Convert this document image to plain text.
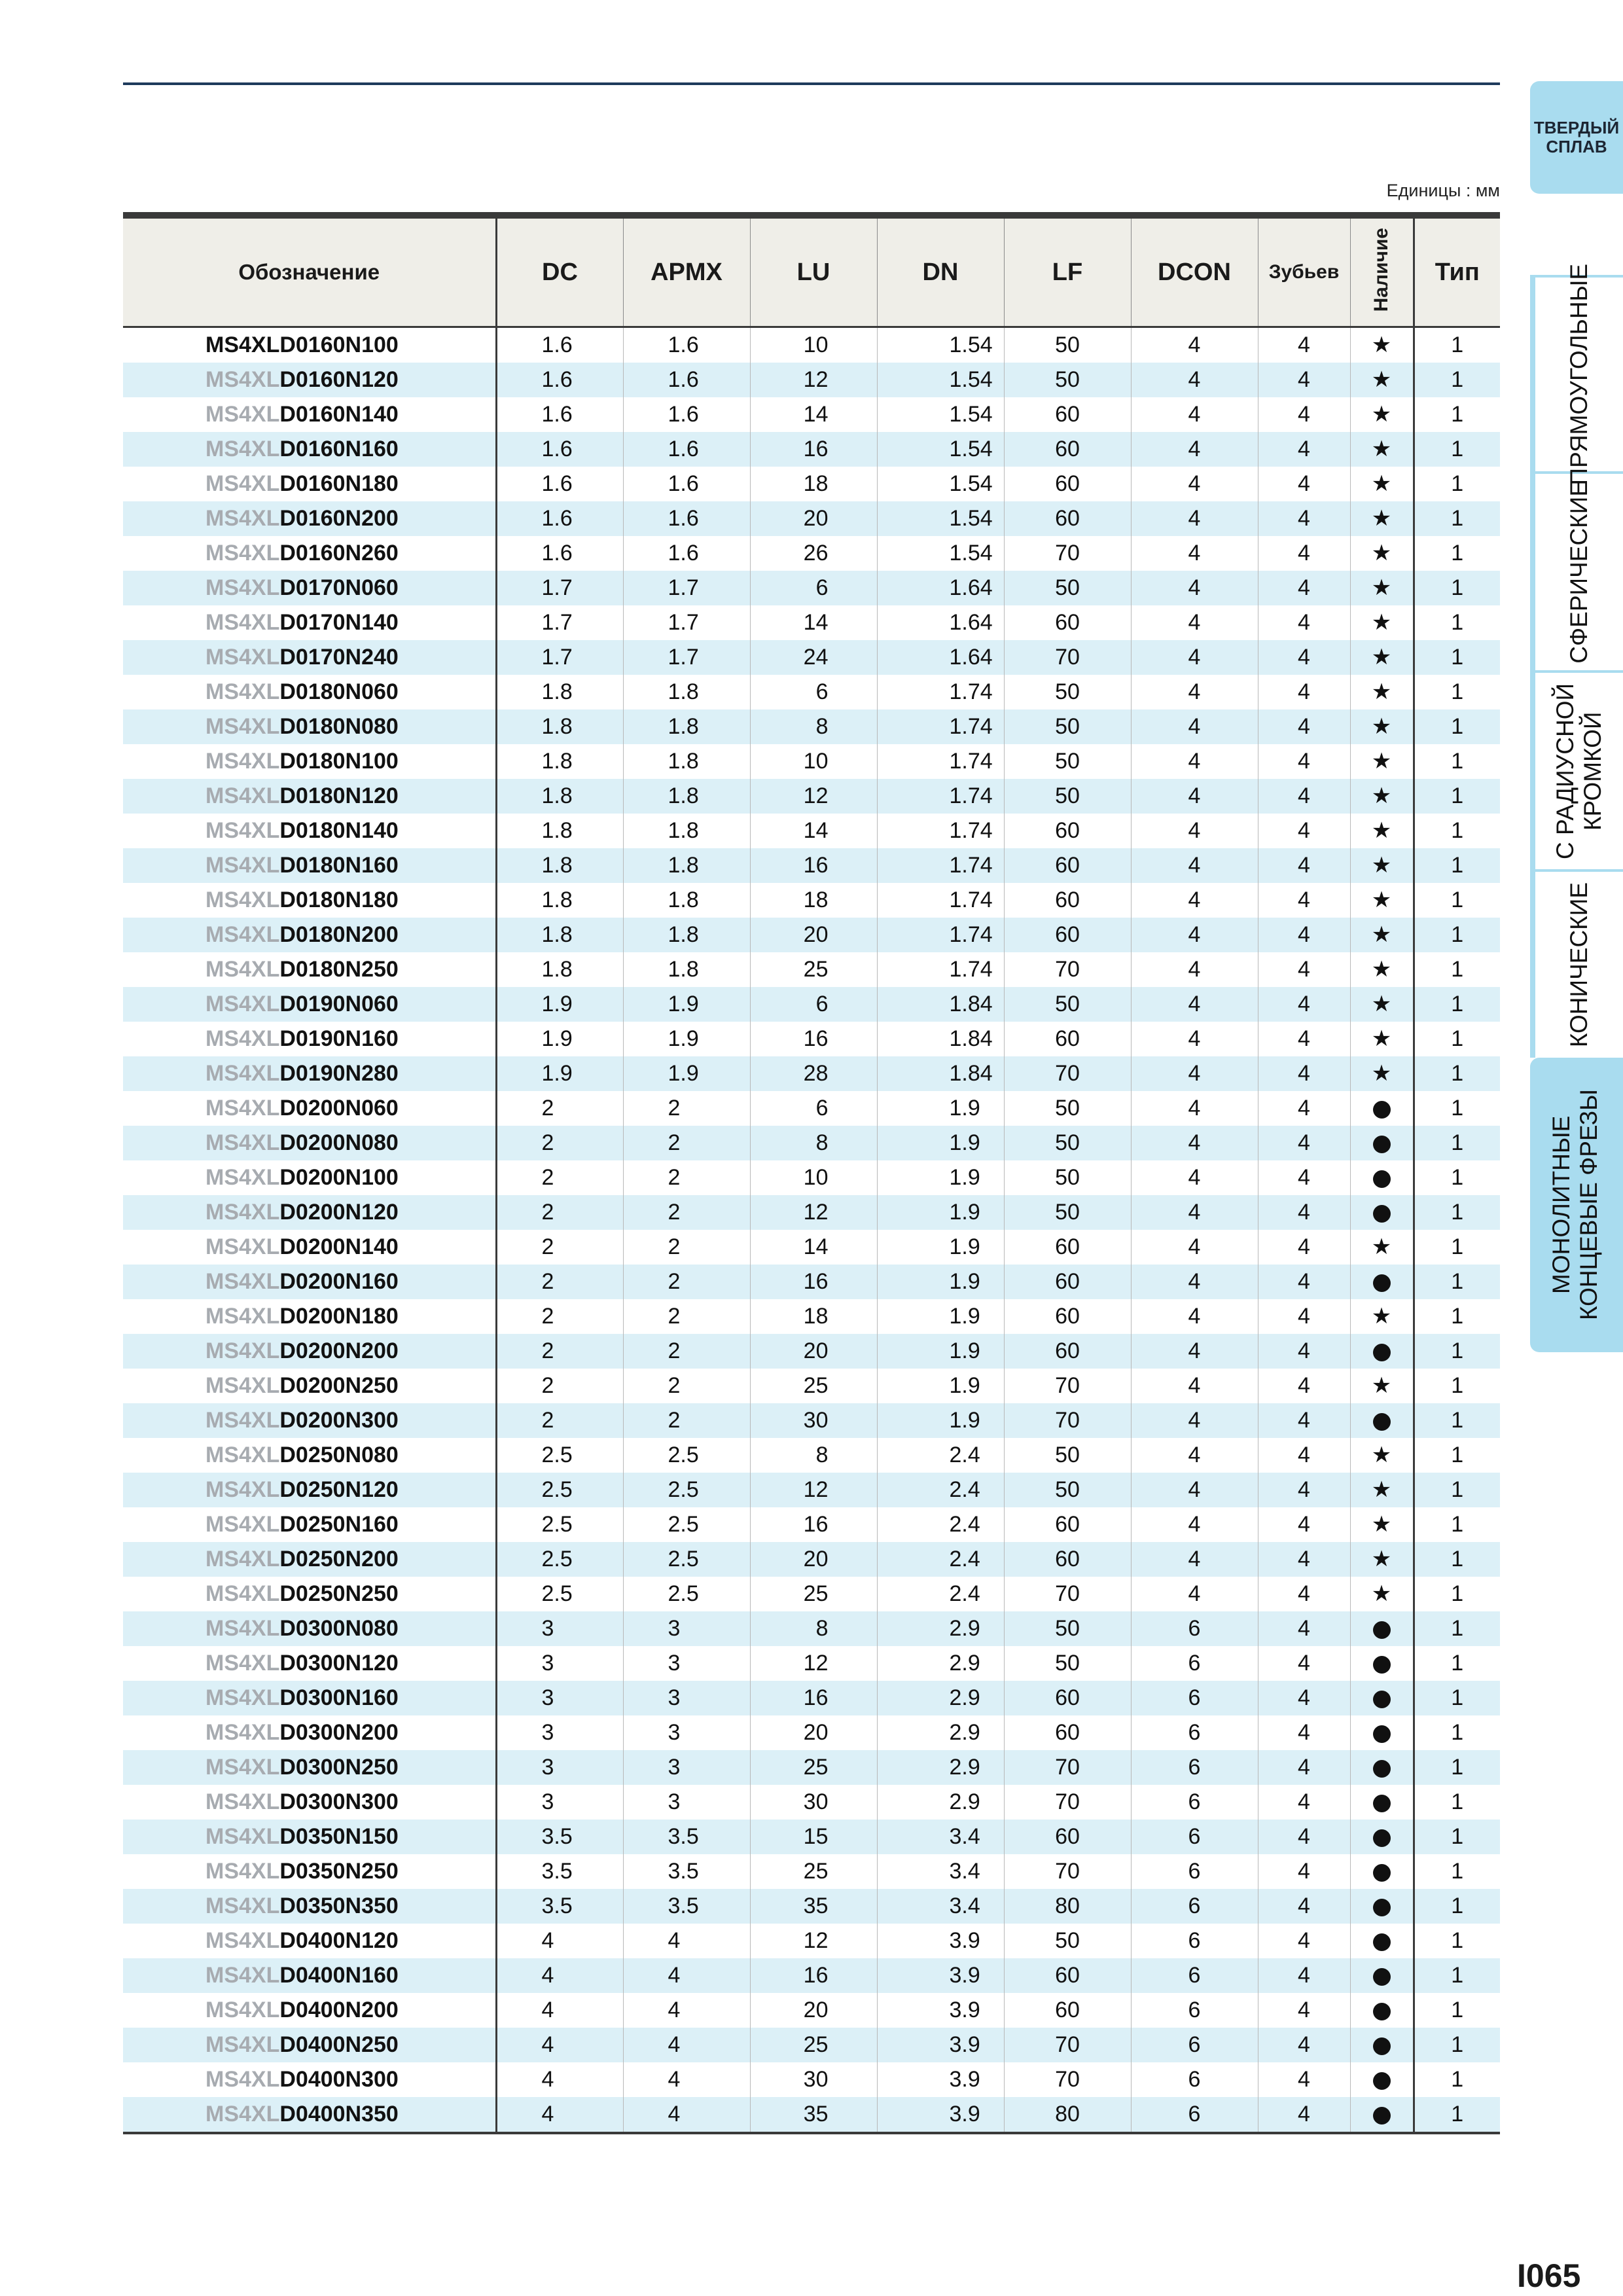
Единицы : мм
Обозначение	DC	APMX	LU	DN	LF	DCON	Зубьев	Наличие	Тип
MS4XLD0160N100	1.6	1.6	10	1.54	50	4	4	★	1
MS4XLD0160N120	1.6	1.6	12	1.54	50	4	4	★	1
MS4XLD0160N140	1.6	1.6	14	1.54	60	4	4	★	1
MS4XLD0160N160	1.6	1.6	16	1.54	60	4	4	★	1
MS4XLD0160N180	1.6	1.6	18	1.54	60	4	4	★	1
MS4XLD0160N200	1.6	1.6	20	1.54	60	4	4	★	1
MS4XLD0160N260	1.6	1.6	26	1.54	70	4	4	★	1
MS4XLD0170N060	1.7	1.7	6	1.64	50	4	4	★	1
MS4XLD0170N140	1.7	1.7	14	1.64	60	4	4	★	1
MS4XLD0170N240	1.7	1.7	24	1.64	70	4	4	★	1
MS4XLD0180N060	1.8	1.8	6	1.74	50	4	4	★	1
MS4XLD0180N080	1.8	1.8	8	1.74	50	4	4	★	1
MS4XLD0180N100	1.8	1.8	10	1.74	50	4	4	★	1
MS4XLD0180N120	1.8	1.8	12	1.74	50	4	4	★	1
MS4XLD0180N140	1.8	1.8	14	1.74	60	4	4	★	1
MS4XLD0180N160	1.8	1.8	16	1.74	60	4	4	★	1
MS4XLD0180N180	1.8	1.8	18	1.74	60	4	4	★	1
MS4XLD0180N200	1.8	1.8	20	1.74	60	4	4	★	1
MS4XLD0180N250	1.8	1.8	25	1.74	70	4	4	★	1
MS4XLD0190N060	1.9	1.9	6	1.84	50	4	4	★	1
MS4XLD0190N160	1.9	1.9	16	1.84	60	4	4	★	1
MS4XLD0190N280	1.9	1.9	28	1.84	70	4	4	★	1
MS4XLD0200N060	2	2	6	1.9	50	4	4		1
MS4XLD0200N080	2	2	8	1.9	50	4	4		1
MS4XLD0200N100	2	2	10	1.9	50	4	4		1
MS4XLD0200N120	2	2	12	1.9	50	4	4		1
MS4XLD0200N140	2	2	14	1.9	60	4	4	★	1
MS4XLD0200N160	2	2	16	1.9	60	4	4		1
MS4XLD0200N180	2	2	18	1.9	60	4	4	★	1
MS4XLD0200N200	2	2	20	1.9	60	4	4		1
MS4XLD0200N250	2	2	25	1.9	70	4	4	★	1
MS4XLD0200N300	2	2	30	1.9	70	4	4		1
MS4XLD0250N080	2.5	2.5	8	2.4	50	4	4	★	1
MS4XLD0250N120	2.5	2.5	12	2.4	50	4	4	★	1
MS4XLD0250N160	2.5	2.5	16	2.4	60	4	4	★	1
MS4XLD0250N200	2.5	2.5	20	2.4	60	4	4	★	1
MS4XLD0250N250	2.5	2.5	25	2.4	70	4	4	★	1
MS4XLD0300N080	3	3	8	2.9	50	6	4		1
MS4XLD0300N120	3	3	12	2.9	50	6	4		1
MS4XLD0300N160	3	3	16	2.9	60	6	4		1
MS4XLD0300N200	3	3	20	2.9	60	6	4		1
MS4XLD0300N250	3	3	25	2.9	70	6	4		1
MS4XLD0300N300	3	3	30	2.9	70	6	4		1
MS4XLD0350N150	3.5	3.5	15	3.4	60	6	4		1
MS4XLD0350N250	3.5	3.5	25	3.4	70	6	4		1
MS4XLD0350N350	3.5	3.5	35	3.4	80	6	4		1
MS4XLD0400N120	4	4	12	3.9	50	6	4		1
MS4XLD0400N160	4	4	16	3.9	60	6	4		1
MS4XLD0400N200	4	4	20	3.9	60	6	4		1
MS4XLD0400N250	4	4	25	3.9	70	6	4		1
MS4XLD0400N300	4	4	30	3.9	70	6	4		1
MS4XLD0400N350	4	4	35	3.9	80	6	4		1
ТВЕРДЫЙ СПЛАВ
ПРЯМОУГОЛЬНЫЕ
СФЕРИЧЕСКИЕ
С РАДИУСНОЙ КРОМКОЙ
КОНИЧЕСКИЕ
МОНОЛИТНЫЕ КОНЦЕВЫЕ ФРЕЗЫ
I065
